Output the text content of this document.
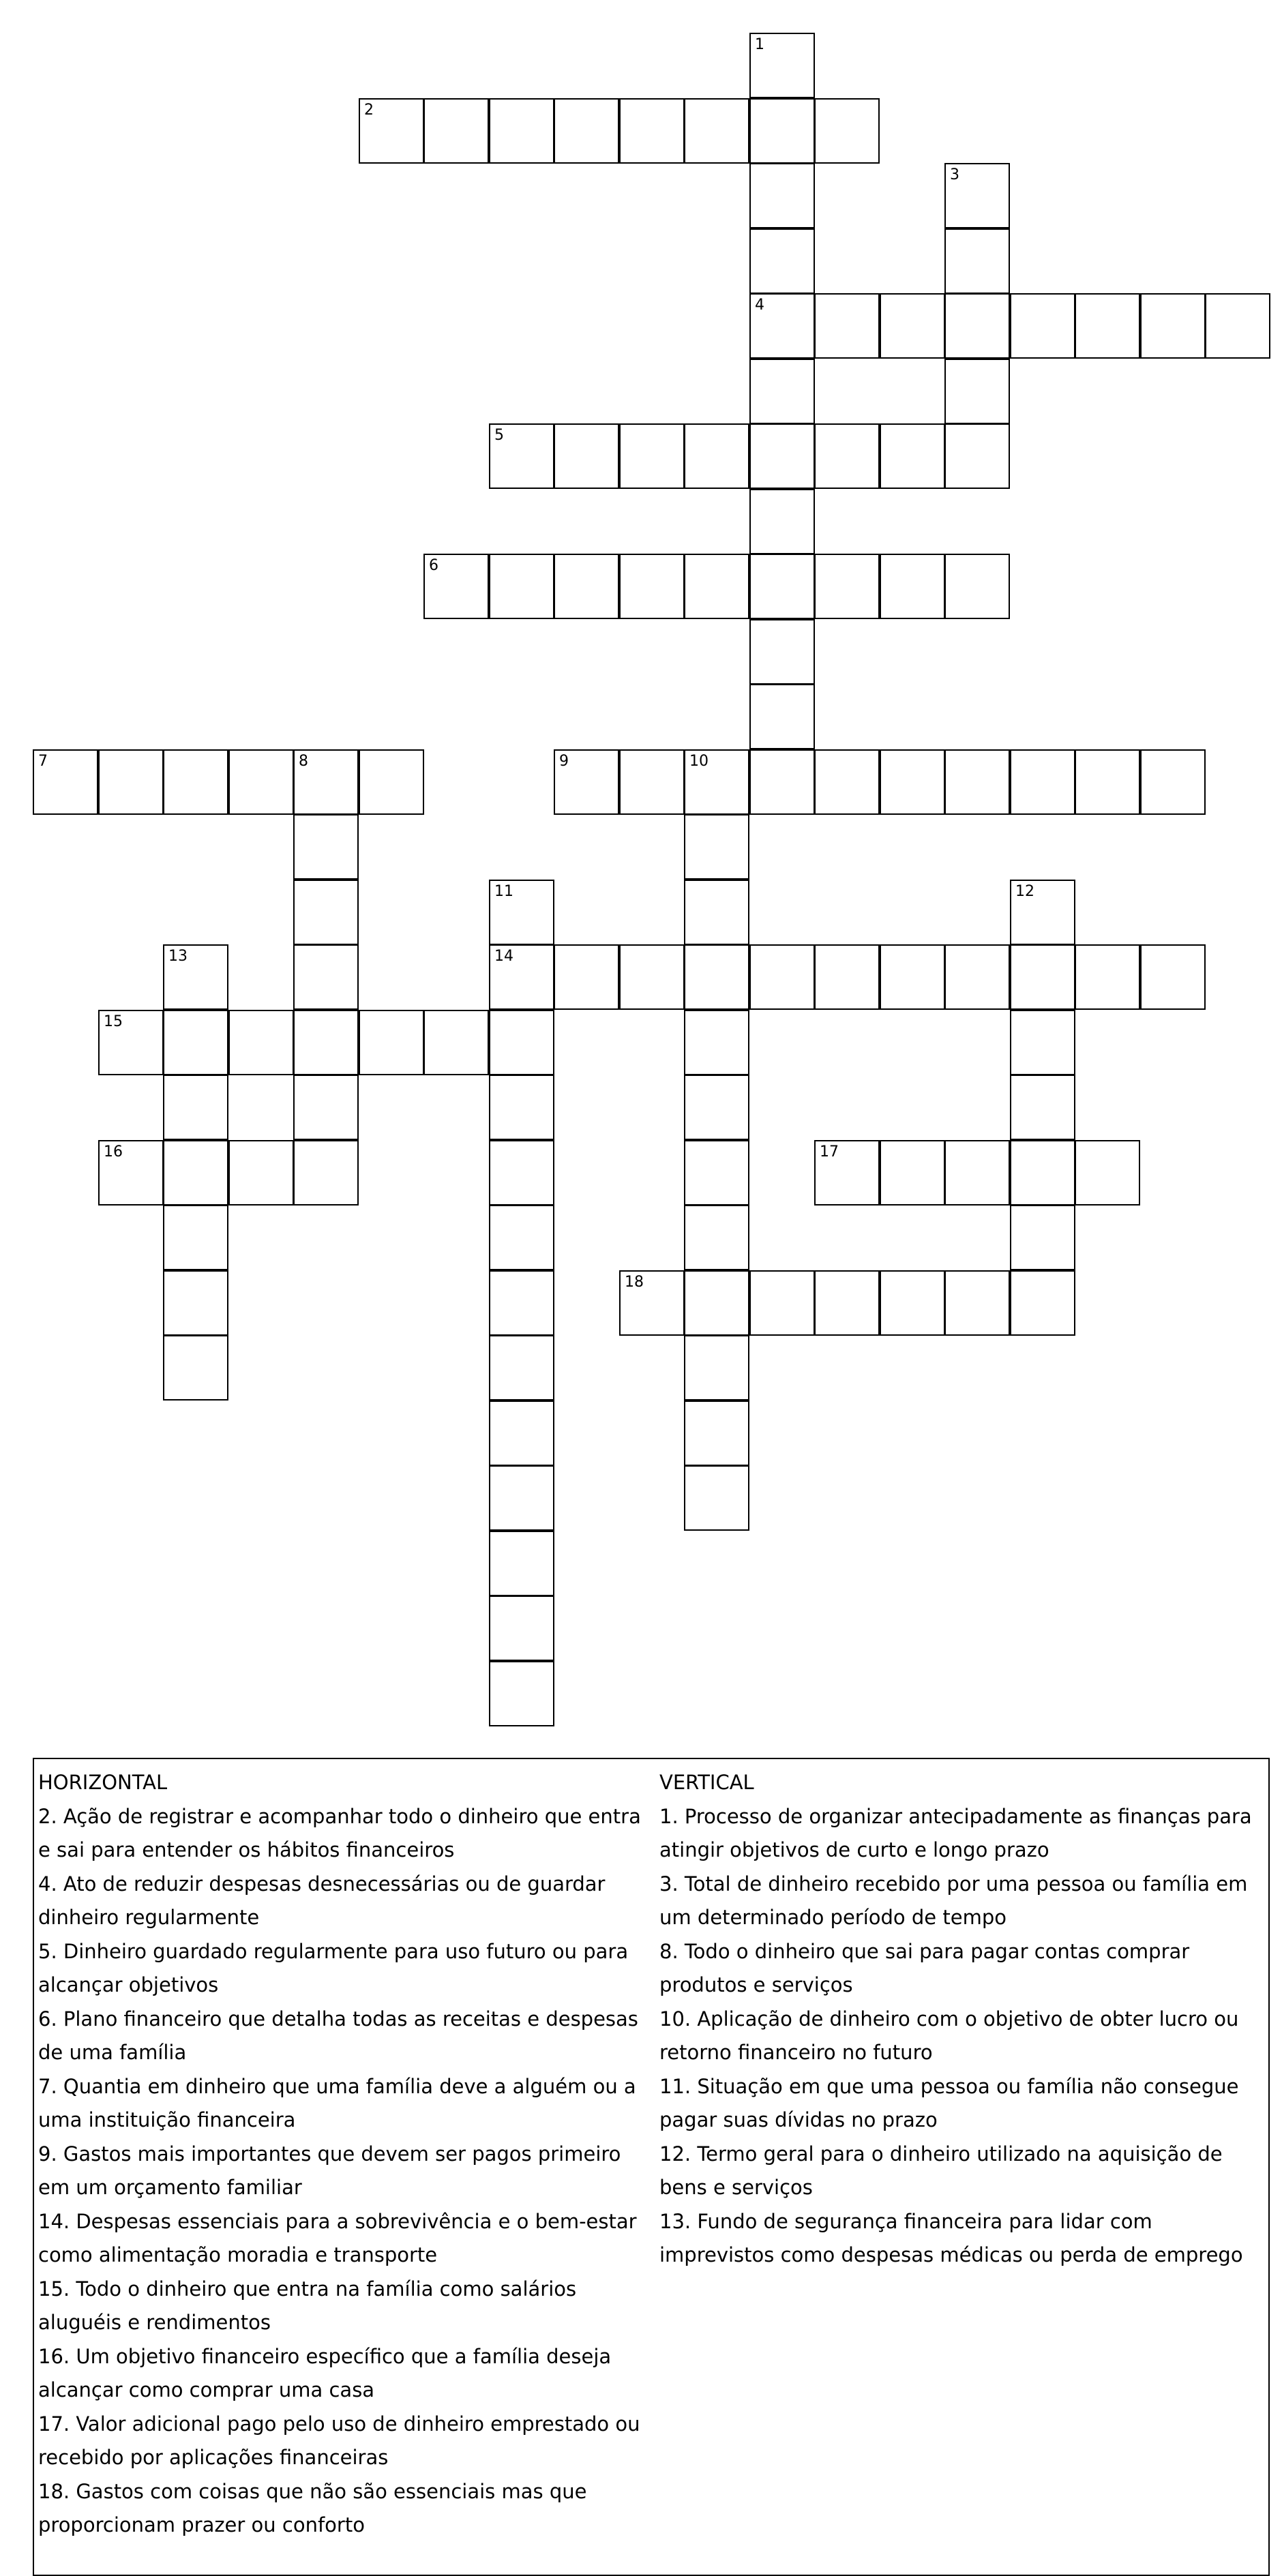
2
4
5
6
7	8	9	10
14
15
16	17
18
1
3
11	12
13
HORIZONTAL
2. Ação de registrar e acompanhar todo o dinheiro que entra e sai para entender os hábitos financeiros
4. Ato de reduzir despesas desnecessárias ou de guardar dinheiro regularmente
5. Dinheiro guardado regularmente para uso futuro ou para alcançar objetivos
6. Plano financeiro que detalha todas as receitas e despesas de uma família
7. Quantia em dinheiro que uma família deve a alguém ou a uma instituição financeira
9. Gastos mais importantes que devem ser pagos primeiro em um orçamento familiar
14. Despesas essenciais para a sobrevivência e o bem-estar como alimentação moradia e transporte
15. Todo o dinheiro que entra na família como salários aluguéis e rendimentos
16. Um objetivo financeiro específico que a família deseja alcançar como comprar uma casa
17. Valor adicional pago pelo uso de dinheiro emprestado ou recebido por aplicações financeiras
18. Gastos com coisas que não são essenciais mas que proporcionam prazer ou conforto
VERTICAL
1. Processo de organizar antecipadamente as finanças para atingir objetivos de curto e longo prazo
3. Total de dinheiro recebido por uma pessoa ou família em um determinado período de tempo
8. Todo o dinheiro que sai para pagar contas comprar produtos e serviços
10. Aplicação de dinheiro com o objetivo de obter lucro ou retorno financeiro no futuro
11. Situação em que uma pessoa ou família não consegue pagar suas dívidas no prazo
12. Termo geral para o dinheiro utilizado na aquisição de bens e serviços
13. Fundo de segurança financeira para lidar com imprevistos como despesas médicas ou perda de emprego
